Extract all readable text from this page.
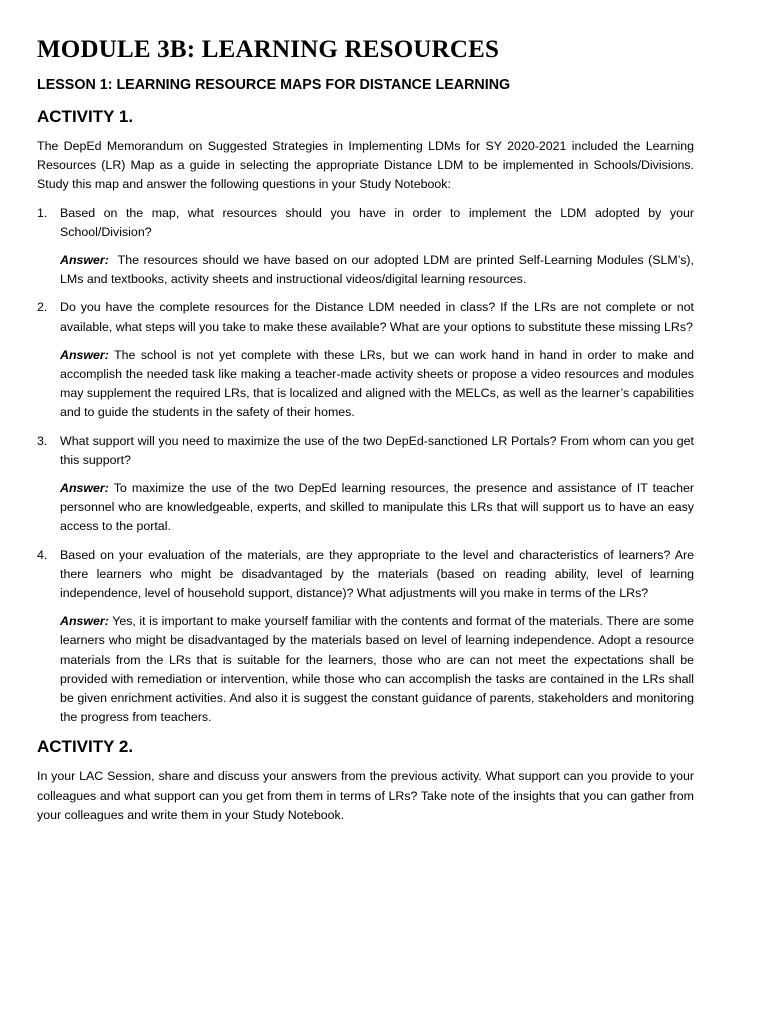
MODULE 3B: LEARNING RESOURCES
LESSON 1: LEARNING RESOURCE MAPS FOR DISTANCE LEARNING
ACTIVITY 1.

The DepEd Memorandum on Suggested Strategies in Implementing LDMs for SY 2020-2021 included the Learning Resources (LR) Map as a guide in selecting the appropriate Distance LDM to be implemented in Schools/Divisions. Study this map and answer the following questions in your Study Notebook:

1.	Based on the map, what resources should you have in order to implement the LDM adopted by your School/Division?
Answer:  The resources should we have based on our adopted LDM are printed Self-Learning Modules (SLM’s), LMs and textbooks, activity sheets and instructional videos/digital learning resources.
2.	Do you have the complete resources for the Distance LDM needed in class? If the LRs are not complete or not available, what steps will you take to make these available? What are your options to substitute these missing LRs?
Answer: The school is not yet complete with these LRs, but we can work hand in hand in order to make and accomplish the needed task like making a teacher-made activity sheets or propose a video resources and modules may supplement the required LRs, that is localized and aligned with the MELCs, as well as the learner’s capabilities and to guide the students in the safety of their homes.
3.	What support will you need to maximize the use of the two DepEd-sanctioned LR Portals? From whom can you get this support?
Answer: To maximize the use of the two DepEd learning resources, the presence and assistance of IT teacher personnel who are knowledgeable, experts, and skilled to manipulate this LRs that will support us to have an easy access to the portal.
4.	Based on your evaluation of the materials, are they appropriate to the level and characteristics of learners? Are there learners who might be disadvantaged by the materials (based on reading ability, level of learning independence, level of household support, distance)? What adjustments will you make in terms of the LRs?
Answer: Yes, it is important to make yourself familiar with the contents and format of the materials. There are some learners who might be disadvantaged by the materials based on level of learning independence. Adopt a resource materials from the LRs that is suitable for the learners, those who are can not meet the expectations shall be provided with remediation or intervention, while those who can accomplish the tasks are contained in the LRs shall be given enrichment activities. And also it is suggest the constant guidance of parents, stakeholders and monitoring the progress from teachers.
ACTIVITY 2.

In your LAC Session, share and discuss your answers from the previous activity. What support can you provide to your colleagues and what support can you get from them in terms of LRs? Take note of the insights that you can gather from your colleagues and write them in your Study Notebook.
